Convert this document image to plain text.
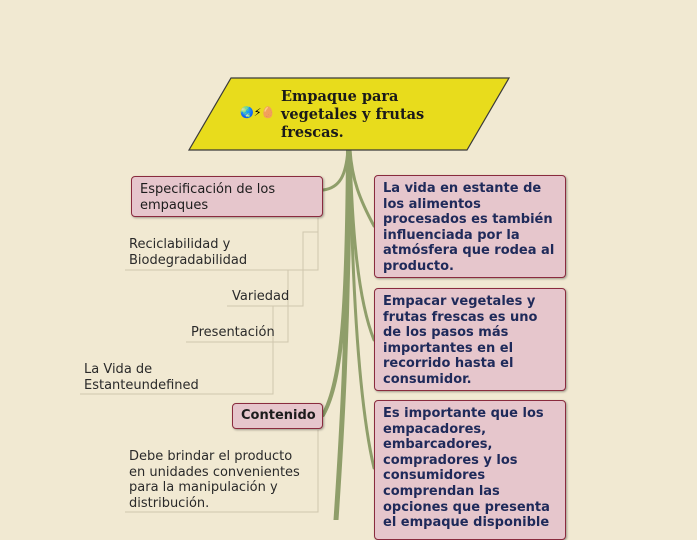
🌏⚡🥚
Empaque para vegetales y frutas frescas.
Especificación de los empaques
Reciclabilidad y Biodegradabilidad
Variedad
Presentación
La Vida de Estanteundefined
Contenido
Debe brindar el producto en unidades convenientes para la manipulación y distribución.
La vida en estante de los alimentos procesados es también influenciada por la atmósfera que rodea al producto.
Empacar vegetales y frutas frescas es uno de los pasos más importantes en el recorrido hasta el consumidor.
Es importante que los empacadores, embarcadores, compradores y los consumidores comprendan las opciones que presenta el empaque disponible
